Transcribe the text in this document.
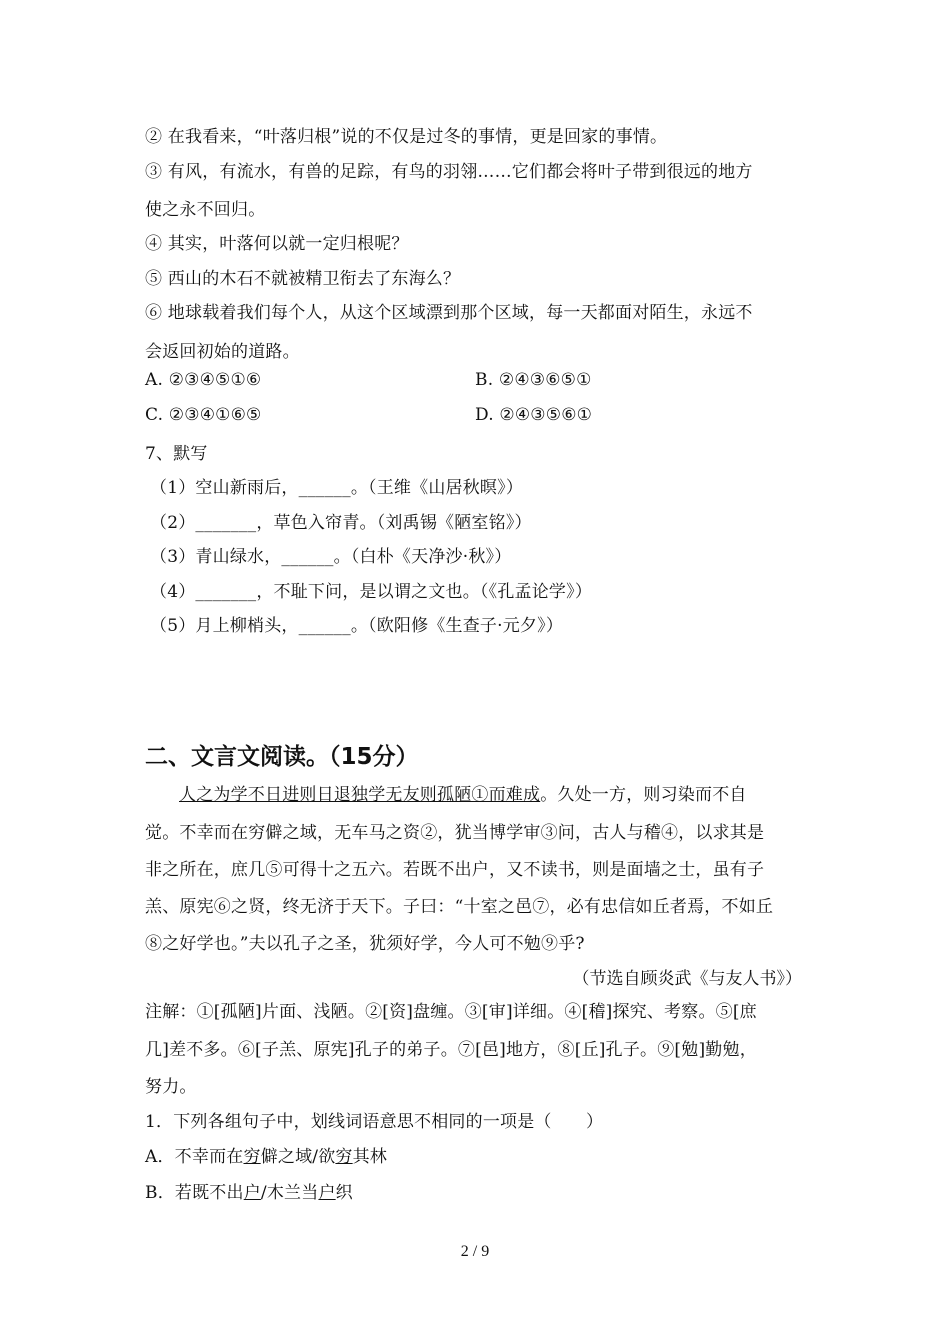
② 在我看来，“叶落归根”说的不仅是过冬的事情，更是回家的事情。
③ 有风，有流水，有兽的足踪，有鸟的羽翎……它们都会将叶子带到很远的地方
使之永不回归。
④ 其实，叶落何以就一定归根呢？
⑤ 西山的木石不就被精卫衔去了东海么？
⑥ 地球载着我们每个人，从这个区域漂到那个区域，每一天都面对陌生，永远不
会返回初始的道路。
A. ②③④⑤①⑥	B. ②④③⑥⑤①
C. ②③④①⑥⑤	D. ②④③⑤⑥①
7、默写
（1）空山新雨后，______。（王维《山居秋暝》）
（2）_______，草色入帘青。（刘禹锡《陋室铭》）
（3）青山绿水，______。（白朴《天净沙·秋》）
（4）_______，不耻下问，是以谓之文也。（《孔孟论学》）
（5）月上柳梢头，______。（欧阳修《生查子·元夕》）
二、文言文阅读。（15分）
人之为学不日进则日退独学无友则孤陋①而难成。久处一方，则习染而不自
觉。不幸而在穷僻之域，无车马之资②，犹当博学审③问，古人与稽④，以求其是
非之所在，庶几⑤可得十之五六。若既不出户，又不读书，则是面墙之士，虽有子
羔、原宪⑥之贤，终无济于天下。子曰：“十室之邑⑦，必有忠信如丘者焉，不如丘
⑧之好学也。”夫以孔子之圣，犹须好学，今人可不勉⑨乎?
（节选自顾炎武《与友人书》）
注解：①[孤陋]片面、浅陋。②[资]盘缠。③[审]详细。④[稽]探究、考察。⑤[庶
几]差不多。⑥[子羔、原宪]孔子的弟子。⑦[邑]地方，⑧[丘]孔子。⑨[勉]勤勉，
努力。
1．下列各组句子中，划线词语意思不相同的一项是（　　）
A．不幸而在穷僻之域/欲穷其林
B．若既不出户/木兰当户织
2 / 9
